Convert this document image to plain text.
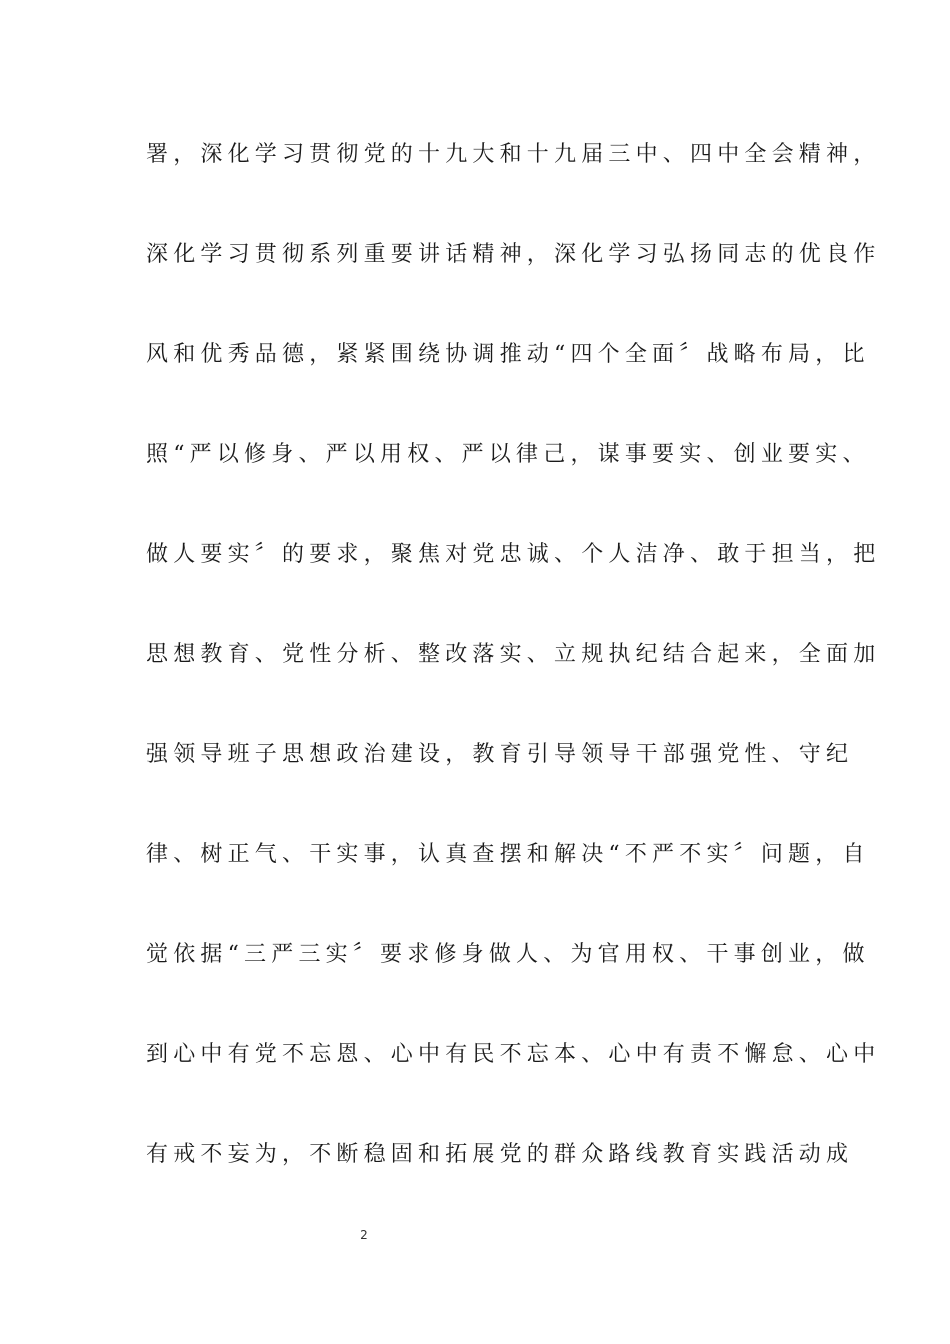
署，深化学习贯彻党的十九大和十九届三中、四中全会精神，
深化学习贯彻系列重要讲话精神，深化学习弘扬同志的优良作
风和优秀品德，紧紧围绕协调推动“四个全面〞战略布局，比
照“严以修身、严以用权、严以律己，谋事要实、创业要实、
做人要实〞的要求，聚焦对党忠诚、个人洁净、敢于担当，把
思想教育、党性分析、整改落实、立规执纪结合起来，全面加
强领导班子思想政治建设，教育引导领导干部强党性、守纪
律、树正气、干实事，认真查摆和解决“不严不实〞问题，自
觉依据“三严三实〞要求修身做人、为官用权、干事创业，做
到心中有党不忘恩、心中有民不忘本、心中有责不懈怠、心中
有戒不妄为，不断稳固和拓展党的群众路线教育实践活动成
2
